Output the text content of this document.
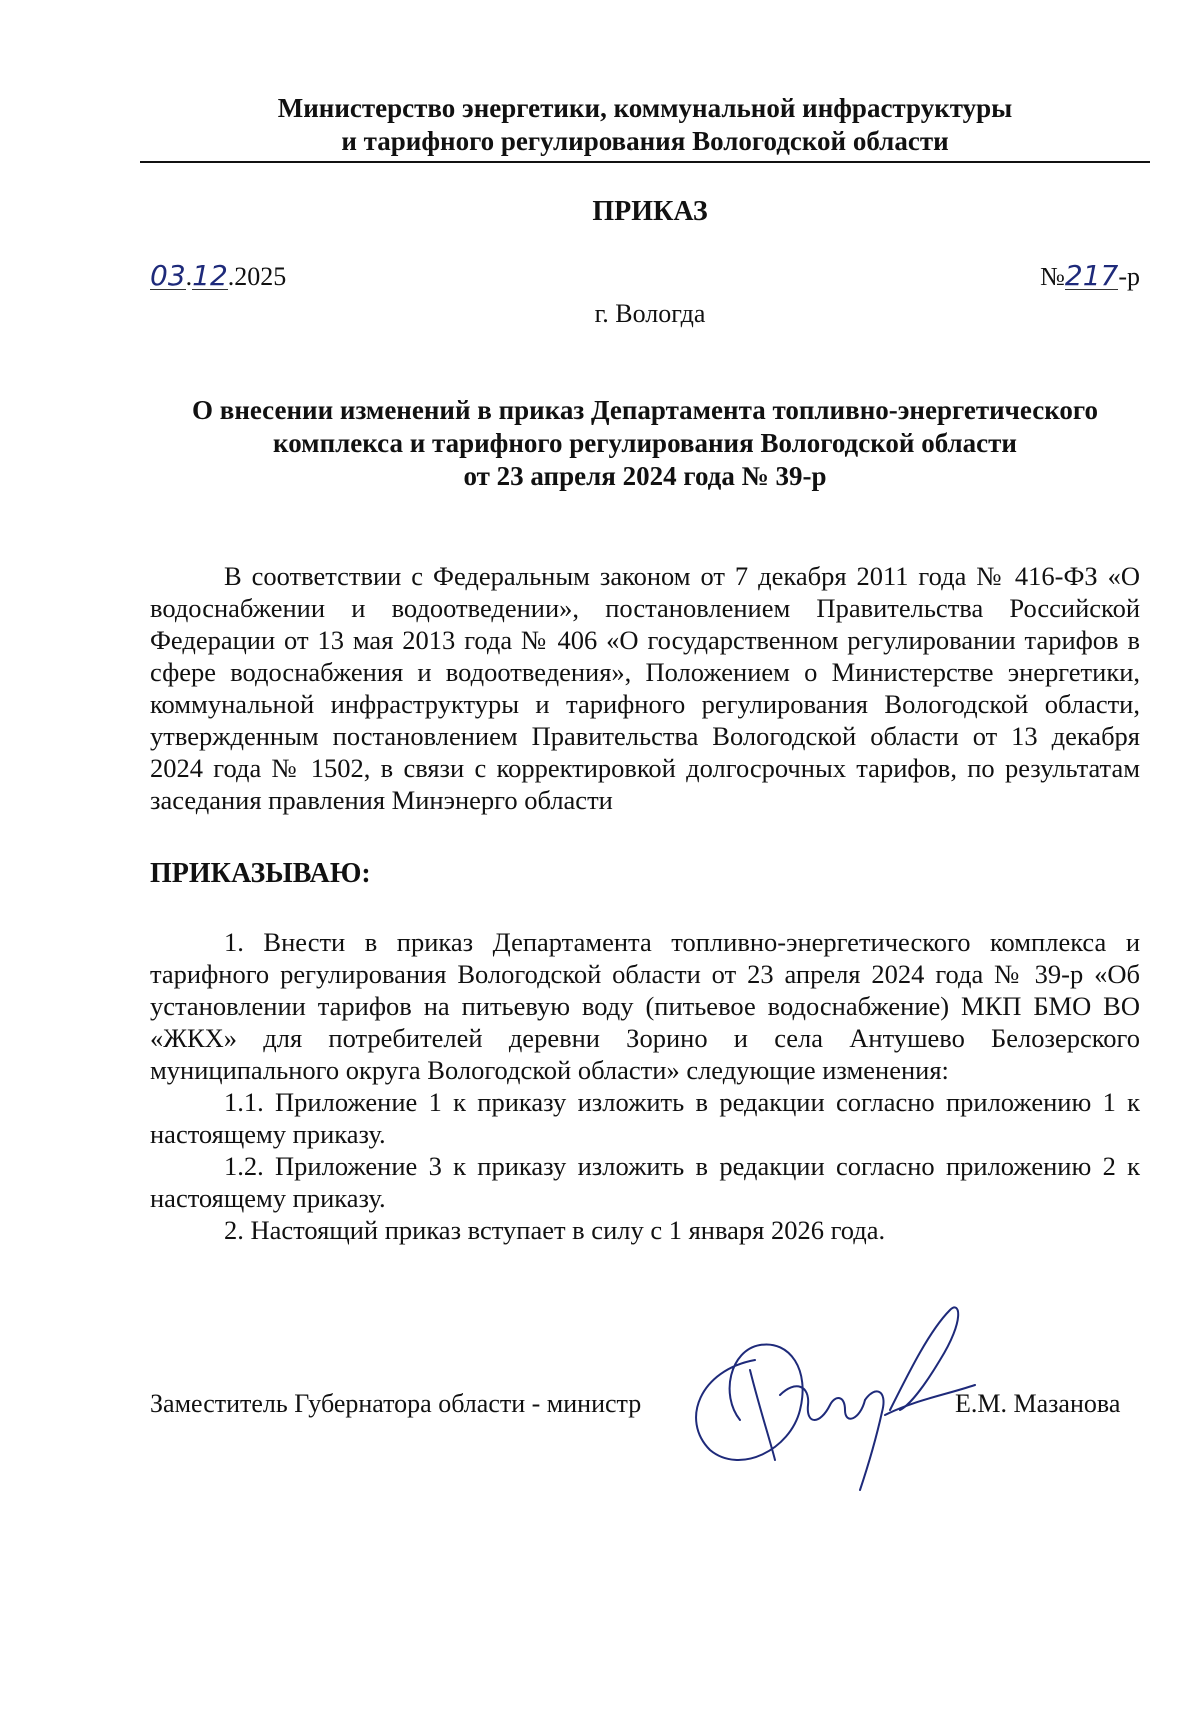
Министерство энергетики, коммунальной инфраструктуры
и тарифного регулирования Вологодской области
ПРИКАЗ
03.12.2025	№217-р
г. Вологда
О внесении изменений в приказ Департамента топливно-энергетического
комплекса и тарифного регулирования Вологодской области
от 23 апреля 2024 года № 39-р

В соответствии с Федеральным законом от 7 декабря 2011 года № 416-ФЗ «О водоснабжении и водоотведении», постановлением Правительства Российской Федерации от 13 мая 2013 года № 406 «О государственном регулировании тарифов в сфере водоснабжения и водоотведения», Положением о Министерстве энергетики, коммунальной инфраструктуры и тарифного регулирования Вологодской области, утвержденным постановлением Правительства Вологодской области от 13 декабря 2024 года № 1502, в связи с корректировкой долгосрочных тарифов, по результатам заседания правления Минэнерго области

ПРИКАЗЫВАЮ:

1. Внести в приказ Департамента топливно-энергетического комплекса и тарифного регулирования Вологодской области от 23 апреля 2024 года № 39-р «Об установлении тарифов на питьевую воду (питьевое водоснабжение) МКП БМО ВО «ЖКХ» для потребителей деревни Зорино и села Антушево Белозерского муниципального округа Вологодской области» следующие изменения:

1.1. Приложение 1 к приказу изложить в редакции согласно приложению 1 к настоящему приказу.

1.2. Приложение 3 к приказу изложить в редакции согласно приложению 2 к настоящему приказу.

2. Настоящий приказ вступает в силу с 1 января 2026 года.

Заместитель Губернатора области - министр	Е.М. Мазанова
